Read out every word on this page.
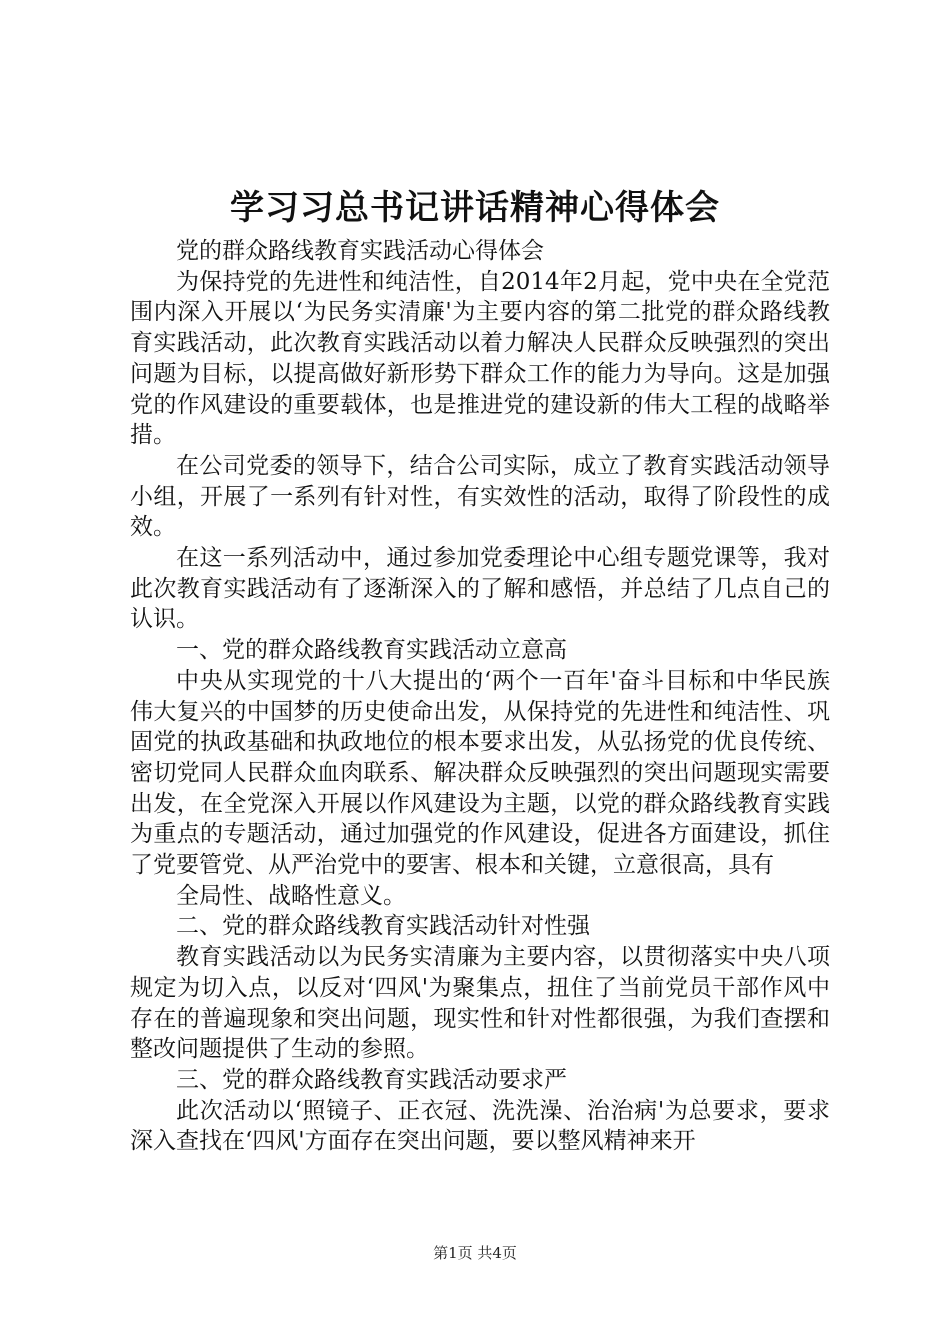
学习习总书记讲话精神心得体会

党的群众路线教育实践活动心得体会

为保持党的先进性和纯洁性，自2014年2月起，党中央在全党范围内深入开展以‘为民务实清廉'为主要内容的第二批党的群众路线教育实践活动，此次教育实践活动以着力解决人民群众反映强烈的突出问题为目标，以提高做好新形势下群众工作的能力为导向。这是加强党的作风建设的重要载体，也是推进党的建设新的伟大工程的战略举措。

在公司党委的领导下，结合公司实际，成立了教育实践活动领导小组，开展了一系列有针对性，有实效性的活动，取得了阶段性的成效。

在这一系列活动中，通过参加党委理论中心组专题党课等，我对此次教育实践活动有了逐渐深入的了解和感悟，并总结了几点自己的认识。

一、党的群众路线教育实践活动立意高

中央从实现党的十八大提出的‘两个一百年'奋斗目标和中华民族伟大复兴的中国梦的历史使命出发，从保持党的先进性和纯洁性、巩固党的执政基础和执政地位的根本要求出发，从弘扬党的优良传统、密切党同人民群众血肉联系、解决群众反映强烈的突出问题现实需要出发，在全党深入开展以作风建设为主题，以党的群众路线教育实践为重点的专题活动，通过加强党的作风建设，促进各方面建设，抓住了党要管党、从严治党中的要害、根本和关键，立意很高，具有

全局性、战略性意义。

二、党的群众路线教育实践活动针对性强

教育实践活动以为民务实清廉为主要内容，以贯彻落实中央八项规定为切入点，以反对‘四风'为聚集点，扭住了当前党员干部作风中存在的普遍现象和突出问题，现实性和针对性都很强，为我们查摆和整改问题提供了生动的参照。

三、党的群众路线教育实践活动要求严

此次活动以‘照镜子、正衣冠、洗洗澡、治治病'为总要求，要求深入查找在‘四风'方面存在突出问题，要以整风精神来开

第1页 共4页
